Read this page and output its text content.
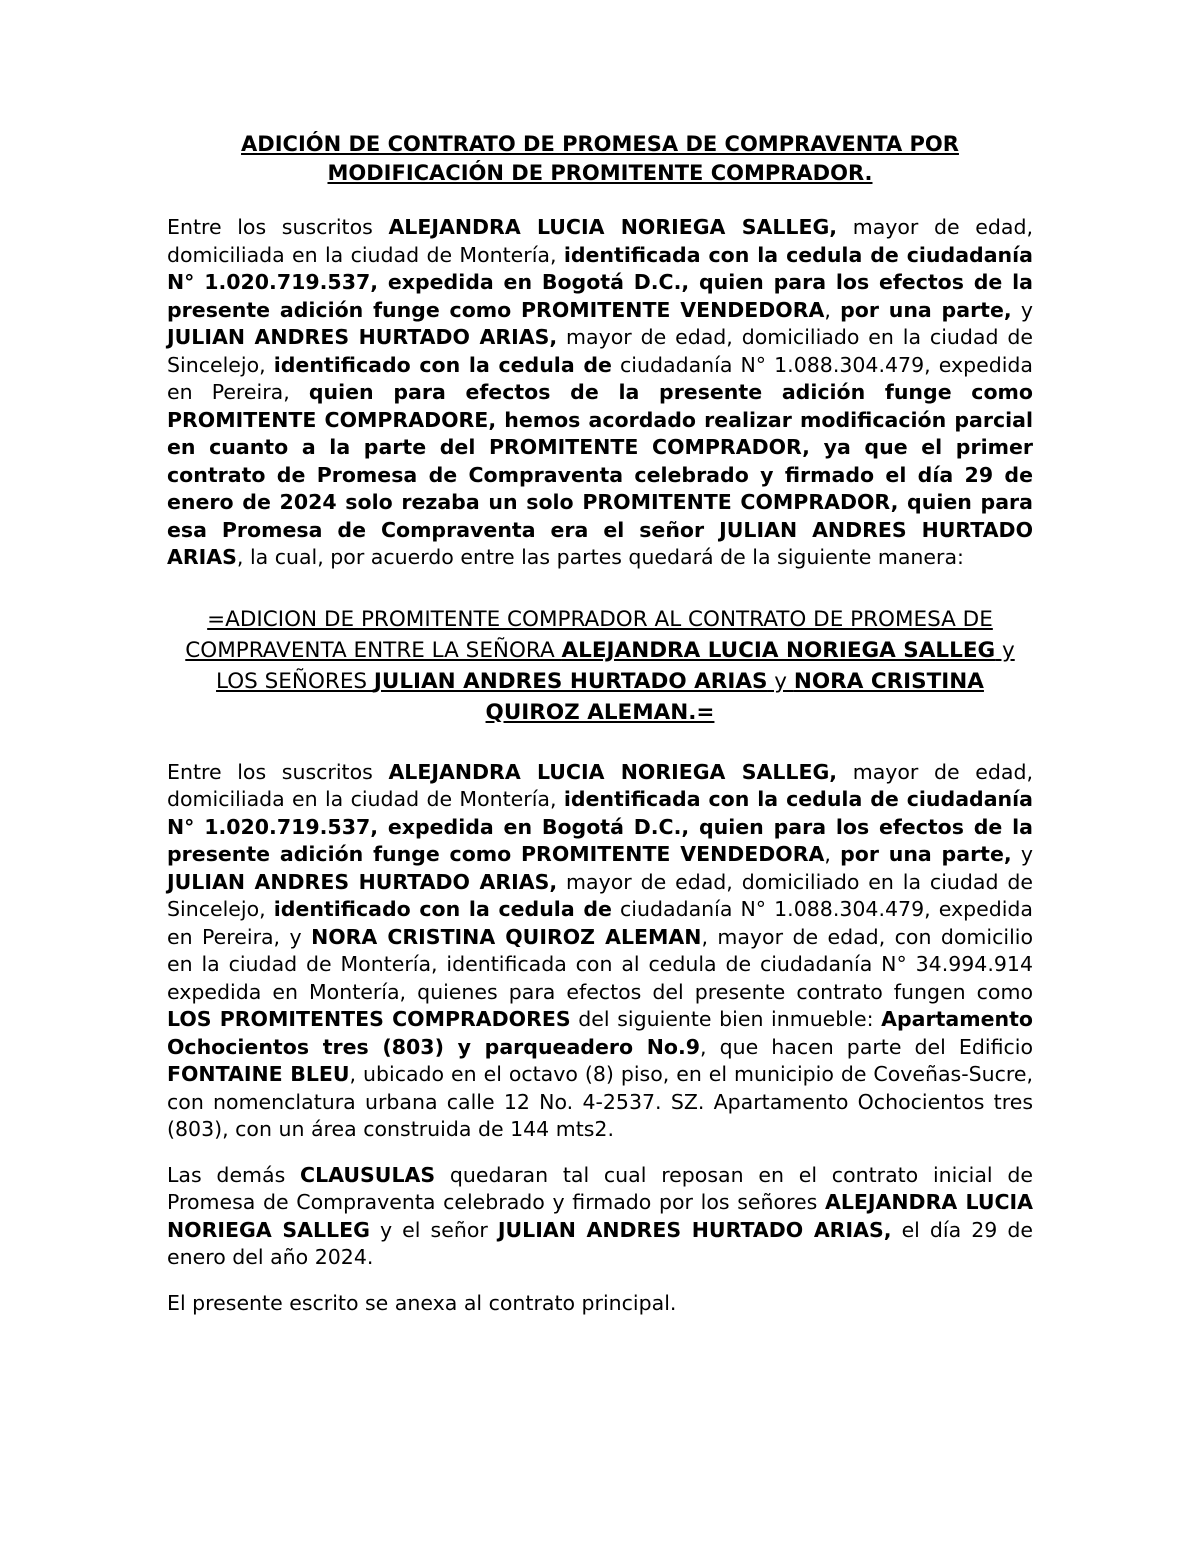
ADICIÓN DE CONTRATO DE PROMESA DE COMPRAVENTA POR
MODIFICACIÓN DE PROMITENTE COMPRADOR.

Entre los suscritos ALEJANDRA LUCIA NORIEGA SALLEG, mayor de edad, domiciliada en la ciudad de Montería, identificada con la cedula de ciudadanía N° 1.020.719.537, expedida en Bogotá D.C., quien para los efectos de la presente adición funge como PROMITENTE VENDEDORA, por una parte, y JULIAN ANDRES HURTADO ARIAS, mayor de edad, domiciliado en la ciudad de Sincelejo, identificado con la cedula de ciudadanía N° 1.088.304.479, expedida en Pereira, quien para efectos de la presente adición funge como PROMITENTE COMPRADORE, hemos acordado realizar modificación parcial en cuanto a la parte del PROMITENTE COMPRADOR, ya que el primer contrato de Promesa de Compraventa celebrado y firmado el día 29 de enero de 2024 solo rezaba un solo PROMITENTE COMPRADOR, quien para esa Promesa de Compraventa era el señor JULIAN ANDRES HURTADO ARIAS, la cual, por acuerdo entre las partes quedará de la siguiente manera:

=ADICION DE PROMITENTE COMPRADOR AL CONTRATO DE PROMESA DE COMPRAVENTA ENTRE LA SEÑORA ALEJANDRA LUCIA NORIEGA SALLEG y LOS SEÑORES JULIAN ANDRES HURTADO ARIAS y NORA CRISTINA QUIROZ ALEMAN.=

Entre los suscritos ALEJANDRA LUCIA NORIEGA SALLEG, mayor de edad, domiciliada en la ciudad de Montería, identificada con la cedula de ciudadanía N° 1.020.719.537, expedida en Bogotá D.C., quien para los efectos de la presente adición funge como PROMITENTE VENDEDORA, por una parte, y JULIAN ANDRES HURTADO ARIAS, mayor de edad, domiciliado en la ciudad de Sincelejo, identificado con la cedula de ciudadanía N° 1.088.304.479, expedida en Pereira, y NORA CRISTINA QUIROZ ALEMAN, mayor de edad, con domicilio en la ciudad de Montería, identificada con al cedula de ciudadanía N° 34.994.914 expedida en Montería, quienes para efectos del presente contrato fungen como LOS PROMITENTES COMPRADORES del siguiente bien inmueble: Apartamento Ochocientos tres (803) y parqueadero No.9, que hacen parte del Edificio FONTAINE BLEU, ubicado en el octavo (8) piso, en el municipio de Coveñas-Sucre, con nomenclatura urbana calle 12 No. 4-2537. SZ. Apartamento Ochocientos tres (803), con un área construida de 144 mts2.

Las demás CLAUSULAS quedaran tal cual reposan en el contrato inicial de Promesa de Compraventa celebrado y firmado por los señores ALEJANDRA LUCIA NORIEGA SALLEG y el señor JULIAN ANDRES HURTADO ARIAS, el día 29 de enero del año 2024.

El presente escrito se anexa al contrato principal.
